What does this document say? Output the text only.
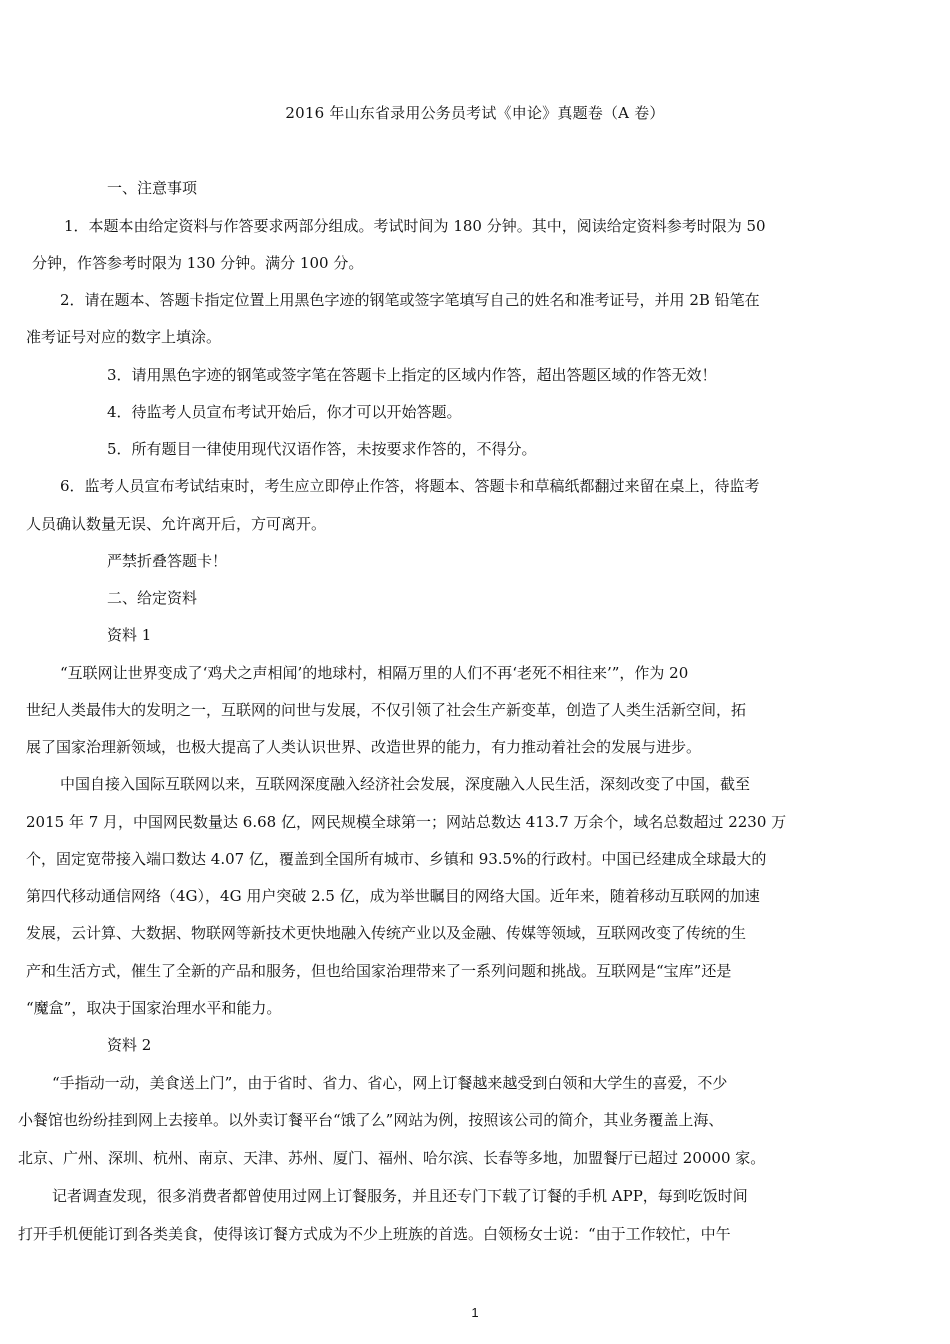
2016 年山东省录用公务员考试《申论》真题卷（A 卷）
一、注意事项
1．本题本由给定资料与作答要求两部分组成。考试时间为 180 分钟。其中，阅读给定资料参考时限为 50
分钟，作答参考时限为 130 分钟。满分 100 分。
2．请在题本、答题卡指定位置上用黑色字迹的钢笔或签字笔填写自己的姓名和准考证号，并用 2B 铅笔在
准考证号对应的数字上填涂。
3．请用黑色字迹的钢笔或签字笔在答题卡上指定的区域内作答，超出答题区域的作答无效！
4．待监考人员宣布考试开始后，你才可以开始答题。
5．所有题目一律使用现代汉语作答，未按要求作答的，不得分。
6．监考人员宣布考试结束时，考生应立即停止作答，将题本、答题卡和草稿纸都翻过来留在桌上，待监考
人员确认数量无误、允许离开后，方可离开。
严禁折叠答题卡！
二、给定资料
资料 1
“互联网让世界变成了‘鸡犬之声相闻’的地球村，相隔万里的人们不再‘老死不相往来’”，作为 20
世纪人类最伟大的发明之一，互联网的问世与发展，不仅引领了社会生产新变革，创造了人类生活新空间，拓
展了国家治理新领域，也极大提高了人类认识世界、改造世界的能力，有力推动着社会的发展与进步。
中国自接入国际互联网以来，互联网深度融入经济社会发展，深度融入人民生活，深刻改变了中国，截至
2015 年 7 月，中国网民数量达 6.68 亿，网民规模全球第一；网站总数达 413.7 万余个，域名总数超过 2230 万
个，固定宽带接入端口数达 4.07 亿，覆盖到全国所有城市、乡镇和 93.5%的行政村。中国已经建成全球最大的
第四代移动通信网络（4G），4G 用户突破 2.5 亿，成为举世瞩目的网络大国。近年来，随着移动互联网的加速
发展，云计算、大数据、物联网等新技术更快地融入传统产业以及金融、传媒等领域，互联网改变了传统的生
产和生活方式，催生了全新的产品和服务，但也给国家治理带来了一系列问题和挑战。互联网是“宝库”还是
“魔盒”，取决于国家治理水平和能力。
资料 2
“手指动一动，美食送上门”，由于省时、省力、省心，网上订餐越来越受到白领和大学生的喜爱，不少
小餐馆也纷纷挂到网上去接单。以外卖订餐平台“饿了么”网站为例，按照该公司的简介，其业务覆盖上海、
北京、广州、深圳、杭州、南京、天津、苏州、厦门、福州、哈尔滨、长春等多地，加盟餐厅已超过 20000 家。
记者调查发现，很多消费者都曾使用过网上订餐服务，并且还专门下载了订餐的手机 APP，每到吃饭时间
打开手机便能订到各类美食，使得该订餐方式成为不少上班族的首选。白领杨女士说：“由于工作较忙，中午
1
